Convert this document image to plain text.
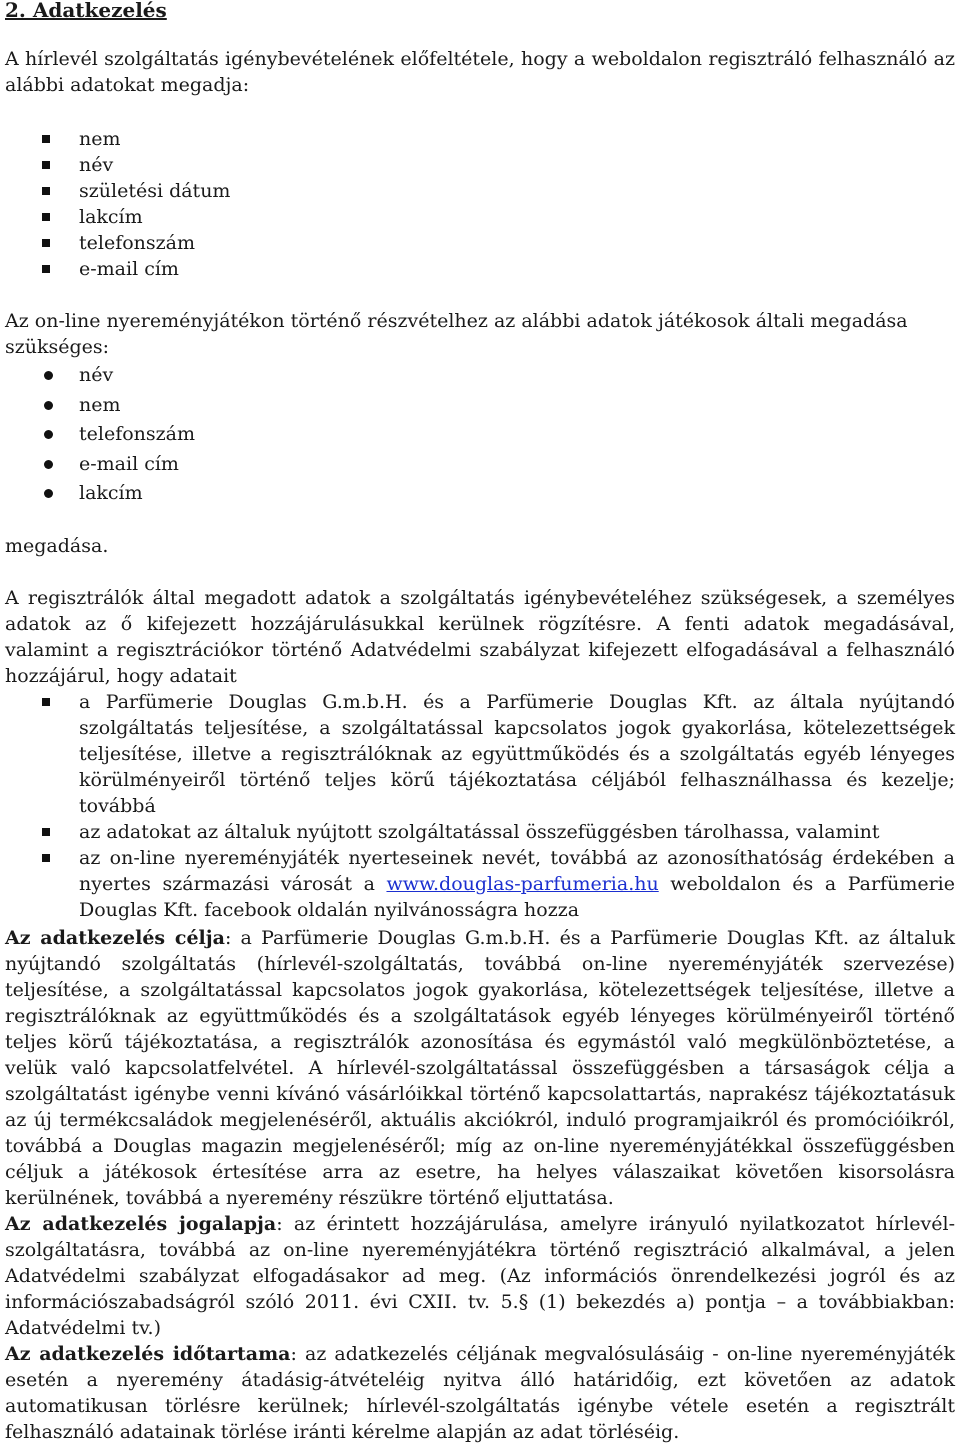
2. Adatkezelés

A hírlevél szolgáltatás igénybevételének előfeltétele, hogy a weboldalon regisztráló felhasználó az alábbi adatokat megadja:

nem
név
születési dátum
lakcím
telefonszám
e-mail cím

Az on-line nyereményjátékon történő részvételhez az alábbi adatok játékosok általi megadása szükséges:

név
nem
telefonszám
e-mail cím
lakcím

megadása.

A regisztrálók által megadott adatok a szolgáltatás igénybevételéhez szükségesek, a személyes adatok az ő kifejezett hozzájárulásukkal kerülnek rögzítésre. A fenti adatok megadásával, valamint a regisztrációkor történő Adatvédelmi szabályzat kifejezett elfogadásával a felhasználó hozzájárul, hogy adatait

a Parfümerie Douglas G.m.b.H. és a Parfümerie Douglas Kft. az általa nyújtandó szolgáltatás teljesítése, a szolgáltatással kapcsolatos jogok gyakorlása, kötelezettségek teljesítése, illetve a regisztrálóknak az együttműködés és a szolgáltatás egyéb lényeges körülményeiről történő teljes körű tájékoztatása céljából felhasználhassa és kezelje; továbbá
az adatokat az általuk nyújtott szolgáltatással összefüggésben tárolhassa, valamint
az on-line nyereményjáték nyerteseinek nevét, továbbá az azonosíthatóság érdekében a nyertes származási városát a www.douglas-parfumeria.hu weboldalon és a Parfümerie Douglas Kft. facebook oldalán nyilvánosságra hozza

Az adatkezelés célja: a Parfümerie Douglas G.m.b.H. és a Parfümerie Douglas Kft. az általuk nyújtandó szolgáltatás (hírlevél-szolgáltatás, továbbá on-line nyereményjáték szervezése) teljesítése, a szolgáltatással kapcsolatos jogok gyakorlása, kötelezettségek teljesítése, illetve a regisztrálóknak az együttműködés és a szolgáltatások egyéb lényeges körülményeiről történő teljes körű tájékoztatása, a regisztrálók azonosítása és egymástól való megkülönböztetése, a velük való kapcsolatfelvétel. A hírlevél-szolgáltatással összefüggésben a társaságok célja a szolgáltatást igénybe venni kívánó vásárlóikkal történő kapcsolattartás, naprakész tájékoztatásuk az új termékcsaládok megjelenéséről, aktuális akciókról, induló programjaikról és promócióikról, továbbá a Douglas magazin megjelenéséről; míg az on-line nyereményjátékkal összefüggésben céljuk a játékosok értesítése arra az esetre, ha helyes válaszaikat követően kisorsolásra kerülnének, továbbá a nyeremény részükre történő eljuttatása.

Az adatkezelés jogalapja: az érintett hozzájárulása, amelyre irányuló nyilatkozatot hírlevél-szolgáltatásra, továbbá az on-line nyereményjátékra történő regisztráció alkalmával, a jelen Adatvédelmi szabályzat elfogadásakor ad meg. (Az információs önrendelkezési jogról és az információszabadságról szóló 2011. évi CXII. tv. 5.§ (1) bekezdés a) pontja – a továbbiakban: Adatvédelmi tv.)

Az adatkezelés időtartama: az adatkezelés céljának megvalósulásáig - on-line nyereményjáték esetén a nyeremény átadásig-átvételéig nyitva álló határidőig, ezt követően az adatok automatikusan törlésre kerülnek; hírlevél-szolgáltatás igénybe vétele esetén a regisztrált felhasználó adatainak törlése iránti kérelme alapján az adat törléséig.
